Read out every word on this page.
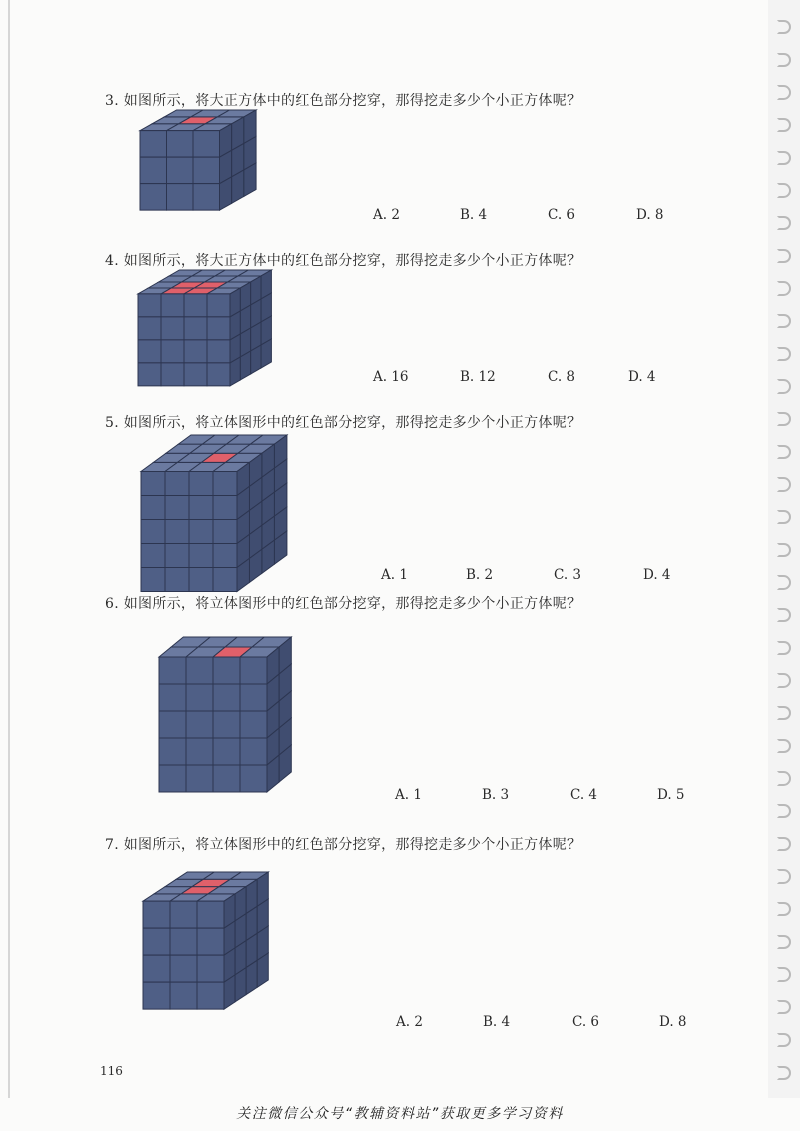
3. 如图所示，将大正方体中的红色部分挖穿，那得挖走多少个小正方体呢？
A. 2	B. 4	C. 6	D. 8
4. 如图所示，将大正方体中的红色部分挖穿，那得挖走多少个小正方体呢？
A. 16	B. 12	C. 8	D. 4
5. 如图所示，将立体图形中的红色部分挖穿，那得挖走多少个小正方体呢？
A. 1	B. 2	C. 3	D. 4
6. 如图所示，将立体图形中的红色部分挖穿，那得挖走多少个小正方体呢？
A. 1	B. 3	C. 4	D. 5
7. 如图所示，将立体图形中的红色部分挖穿，那得挖走多少个小正方体呢？
A. 2	B. 4	C. 6	D. 8
116
关注微信公众号“教辅资料站”获取更多学习资料
